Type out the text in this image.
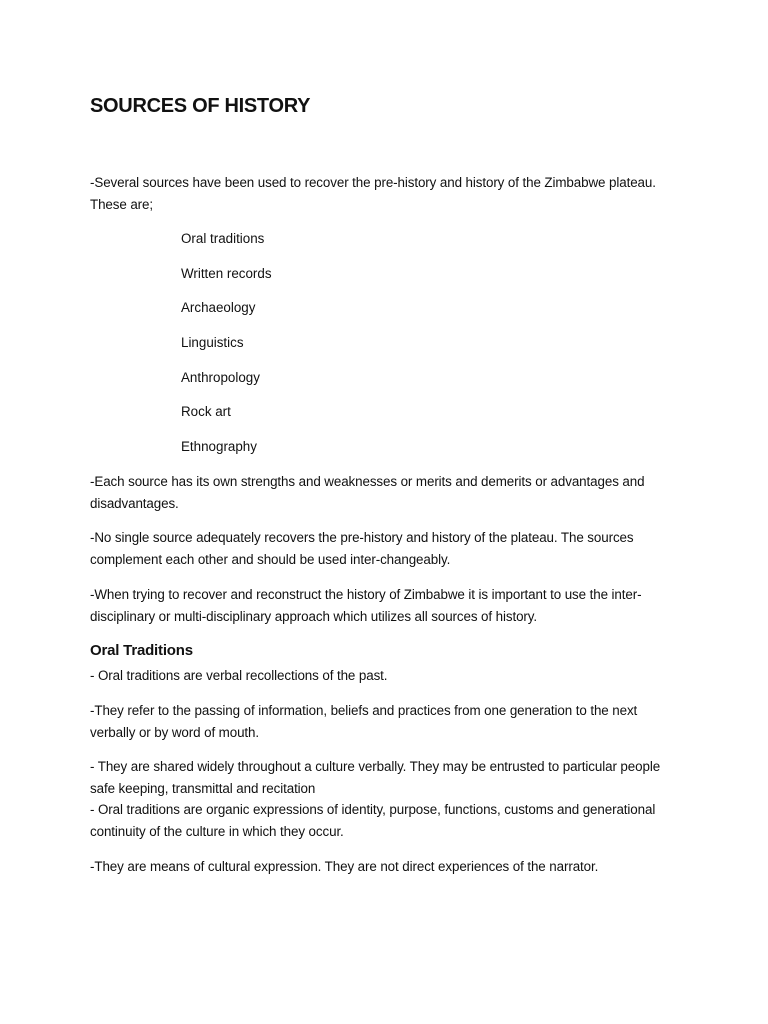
SOURCES OF HISTORY

-Several sources have been used to recover the pre-history and history of the Zimbabwe plateau. These are;

Oral traditions

Written records

Archaeology

Linguistics

Anthropology

Rock art

Ethnography

-Each source has its own strengths and weaknesses or merits and demerits or advantages and disadvantages.

-No single source adequately recovers the pre-history and history of the plateau. The sources complement each other and should be used inter-changeably.

-When trying to recover and reconstruct the history of Zimbabwe it is important to use the inter- disciplinary or multi-disciplinary approach which utilizes all sources of history.

Oral Traditions

- Oral traditions are verbal recollections of the past.

-They refer to the passing of information, beliefs and practices from one generation to the next verbally or by word of mouth.

- They are shared widely throughout a culture verbally. They may be entrusted to particular people safe keeping, transmittal and recitation

- Oral traditions are organic expressions of identity, purpose, functions, customs and generational continuity of the culture in which they occur.

-They are means of cultural expression. They are not direct experiences of the narrator.
